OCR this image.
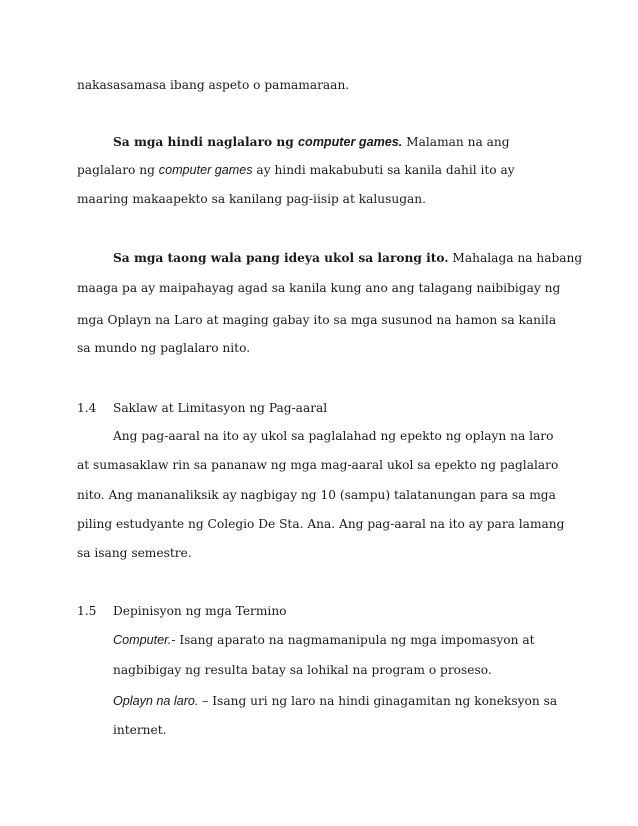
nakasasamasa ibang aspeto o pamamaraan.
Sa mga hindi naglalaro ng computer games. Malaman na ang
paglalaro ng computer games ay hindi makabubuti sa kanila dahil ito ay
maaring makaapekto sa kanilang pag-iisip at kalusugan.
Sa mga taong wala pang ideya ukol sa larong ito. Mahalaga na habang
maaga pa ay maipahayag agad sa kanila kung ano ang talagang naibibigay ng
mga Oplayn na Laro at maging gabay ito sa mga susunod na hamon sa kanila
sa mundo ng paglalaro nito.
1.4 Saklaw at Limitasyon ng Pag-aaral
Ang pag-aaral na ito ay ukol sa paglalahad ng epekto ng oplayn na laro
at sumasaklaw rin sa pananaw ng mga mag-aaral ukol sa epekto ng paglalaro
nito. Ang mananaliksik ay nagbigay ng 10 (sampu) talatanungan para sa mga
piling estudyante ng Colegio De Sta. Ana. Ang pag-aaral na ito ay para lamang
sa isang semestre.
1.5 Depinisyon ng mga Termino
Computer.- Isang aparato na nagmamanipula ng mga impomasyon at
nagbibigay ng resulta batay sa lohikal na program o proseso.
Oplayn na laro. – Isang uri ng laro na hindi ginagamitan ng koneksyon sa
internet.
